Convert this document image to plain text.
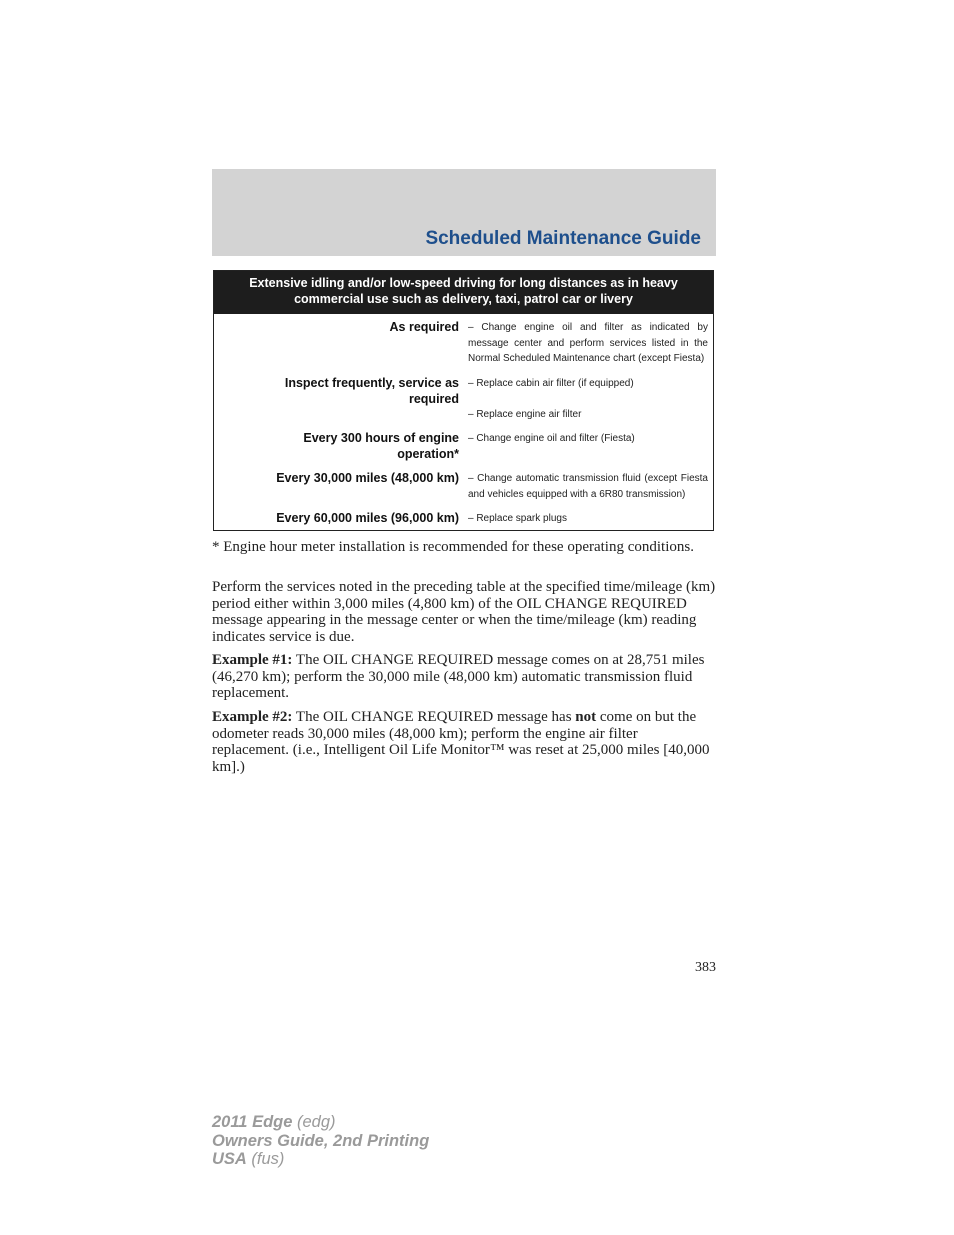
Scheduled Maintenance Guide
Extensive idling and/or low-speed driving for long distances as in heavy commercial use such as delivery, taxi, patrol car or livery
As required – Change engine oil and filter as indicated by message center and perform services listed in the Normal Scheduled Maintenance chart (except Fiesta)
Inspect frequently, service as required
– Replace cabin air filter (if equipped)
– Replace engine air filter
Every 300 hours of engine operation*
– Change engine oil and filter (Fiesta)
Every 30,000 miles (48,000 km) – Change automatic transmission fluid (except Fiesta and vehicles equipped with a 6R80 transmission)
Every 60,000 miles (96,000 km) – Replace spark plugs

* Engine hour meter installation is recommended for these operating conditions.

Perform the services noted in the preceding table at the specified time/mileage (km) period either within 3,000 miles (4,800 km) of the OIL CHANGE REQUIRED message appearing in the message center or when the time/mileage (km) reading indicates service is due.

Example #1: The OIL CHANGE REQUIRED message comes on at 28,751 miles (46,270 km); perform the 30,000 mile (48,000 km) automatic transmission fluid replacement.

Example #2: The OIL CHANGE REQUIRED message has not come on but the odometer reads 30,000 miles (48,000 km); perform the engine air filter replacement. (i.e., Intelligent Oil Life Monitor™ was reset at 25,000 miles [40,000 km].)

383
2011 Edge (edg)
Owners Guide, 2nd Printing
USA (fus)
